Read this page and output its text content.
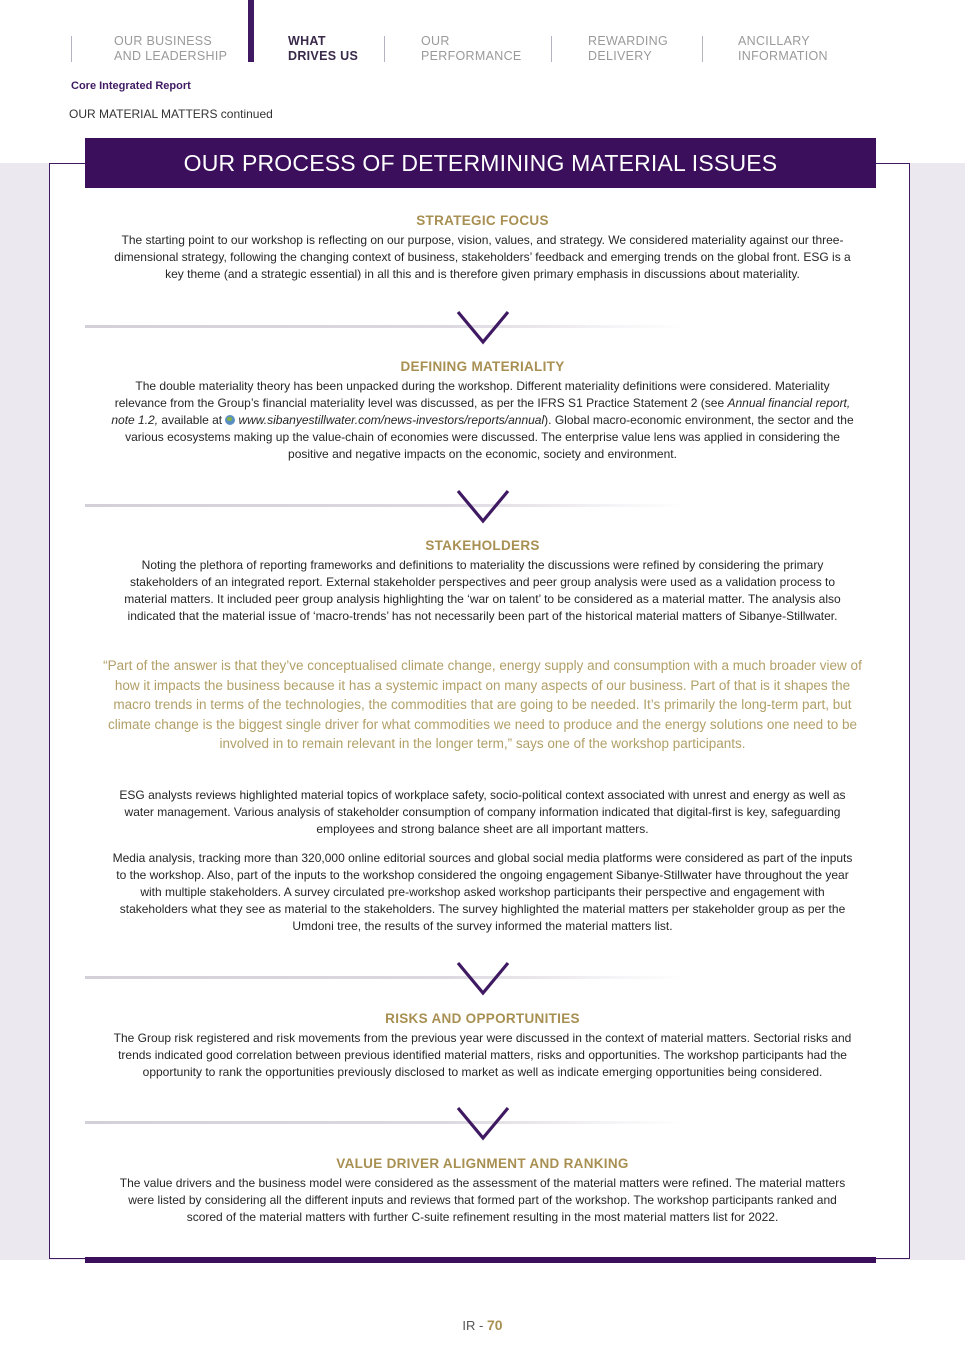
OUR BUSINESS
AND LEADERSHIP
WHAT
DRIVES US
OUR
PERFORMANCE
REWARDING
DELIVERY
ANCILLARY
INFORMATION
Core Integrated Report
OUR MATERIAL MATTERS continued
OUR PROCESS OF DETERMINING MATERIAL ISSUES
STRATEGIC FOCUS

The starting point to our workshop is reflecting on our purpose, vision, values, and strategy. We considered materiality against our three-dimensional strategy, following the changing context of business, stakeholders’ feedback and emerging trends on the global front. ESG is a key theme (and a strategic essential) in all this and is therefore given primary emphasis in discussions about materiality.

DEFINING MATERIALITY

The double materiality theory has been unpacked during the workshop. Different materiality definitions were considered. Materiality relevance from the Group’s financial materiality level was discussed, as per the IFRS S1 Practice Statement 2 (see Annual financial report, note 1.2, available at www.sibanyestillwater.com/news-investors/reports/annual). Global macro-economic environment, the sector and the various ecosystems making up the value-chain of economies were discussed. The enterprise value lens was applied in considering the positive and negative impacts on the economic, society and environment.

STAKEHOLDERS

Noting the plethora of reporting frameworks and definitions to materiality the discussions were refined by considering the primary stakeholders of an integrated report. External stakeholder perspectives and peer group analysis were used as a validation process to material matters. It included peer group analysis highlighting the ‘war on talent’ to be considered as a material matter. The analysis also indicated that the material issue of ‘macro-trends’ has not necessarily been part of the historical material matters of Sibanye-Stillwater.

“Part of the answer is that they’ve conceptualised climate change, energy supply and consumption with a much broader view of how it impacts the business because it has a systemic impact on many aspects of our business. Part of that is it shapes the macro trends in terms of the technologies, the commodities that are going to be needed. It’s primarily the long-term part, but climate change is the biggest single driver for what commodities we need to produce and the energy solutions one need to be involved in to remain relevant in the longer term,” says one of the workshop participants.

ESG analysts reviews highlighted material topics of workplace safety, socio-political context associated with unrest and energy as well as water management. Various analysis of stakeholder consumption of company information indicated that digital-first is key, safeguarding employees and strong balance sheet are all important matters.

Media analysis, tracking more than 320,000 online editorial sources and global social media platforms were considered as part of the inputs to the workshop. Also, part of the inputs to the workshop considered the ongoing engagement Sibanye-Stillwater have throughout the year with multiple stakeholders. A survey circulated pre-workshop asked workshop participants their perspective and engagement with stakeholders what they see as material to the stakeholders. The survey highlighted the material matters per stakeholder group as per the Umdoni tree, the results of the survey informed the material matters list.

RISKS AND OPPORTUNITIES

The Group risk registered and risk movements from the previous year were discussed in the context of material matters. Sectorial risks and trends indicated good correlation between previous identified material matters, risks and opportunities. The workshop participants had the opportunity to rank the opportunities previously disclosed to market as well as indicate emerging opportunities being considered.

VALUE DRIVER ALIGNMENT AND RANKING

The value drivers and the business model were considered as the assessment of the material matters were refined. The material matters were listed by considering all the different inputs and reviews that formed part of the workshop. The workshop participants ranked and scored of the material matters with further C-suite refinement resulting in the most material matters list for 2022.

IR - 70
